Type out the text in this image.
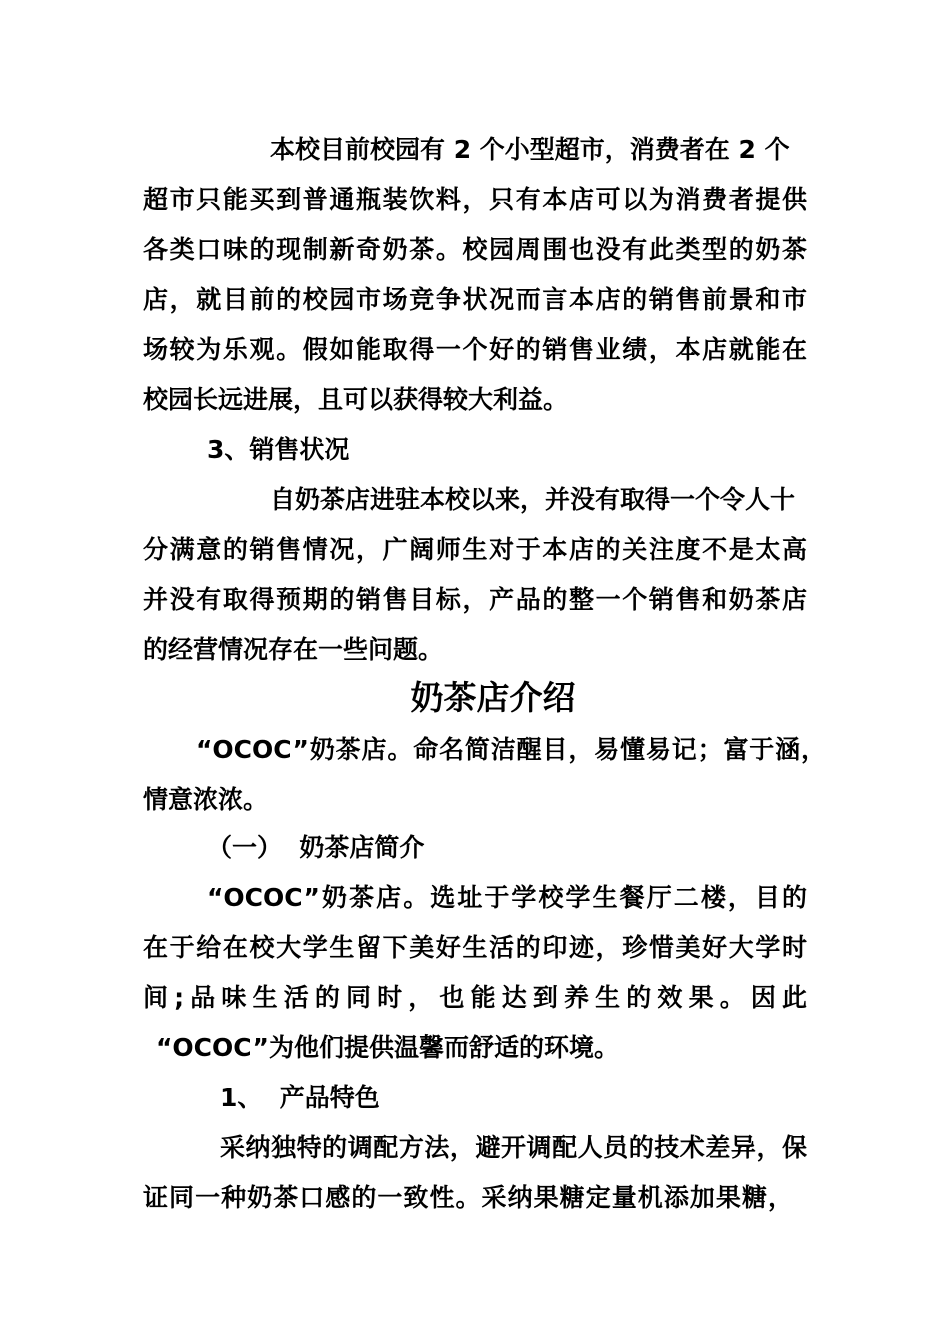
本校目前校园有 2 个小型超市，消费者在 2 个
超市只能买到普通瓶装饮料，只有本店可以为消费者提供
各类口味的现制新奇奶茶。校园周围也没有此类型的奶茶
店，就目前的校园市场竞争状况而言本店的销售前景和市
场较为乐观。假如能取得一个好的销售业绩，本店就能在
校园长远进展，且可以获得较大利益。
3、销售状况
自奶茶店进驻本校以来，并没有取得一个令人十
分满意的销售情况，广阔师生对于本店的关注度不是太高
并没有取得预期的销售目标，产品的整一个销售和奶茶店
的经营情况存在一些问题。
奶茶店介绍
“OCOC”奶茶店。命名简洁醒目，易懂易记；富于涵，
情意浓浓。
（一）  奶茶店简介
“OCOC”奶茶店。选址于学校学生餐厅二楼，目的
在于给在校大学生留下美好生活的印迹，珍惜美好大学时
间;品味生活的同时，也能达到养生的效果。因此
“OCOC”为他们提供温馨而舒适的环境。
1、  产品特色
采纳独特的调配方法，避开调配人员的技术差异，保
证同一种奶茶口感的一致性。采纳果糖定量机添加果糖，
